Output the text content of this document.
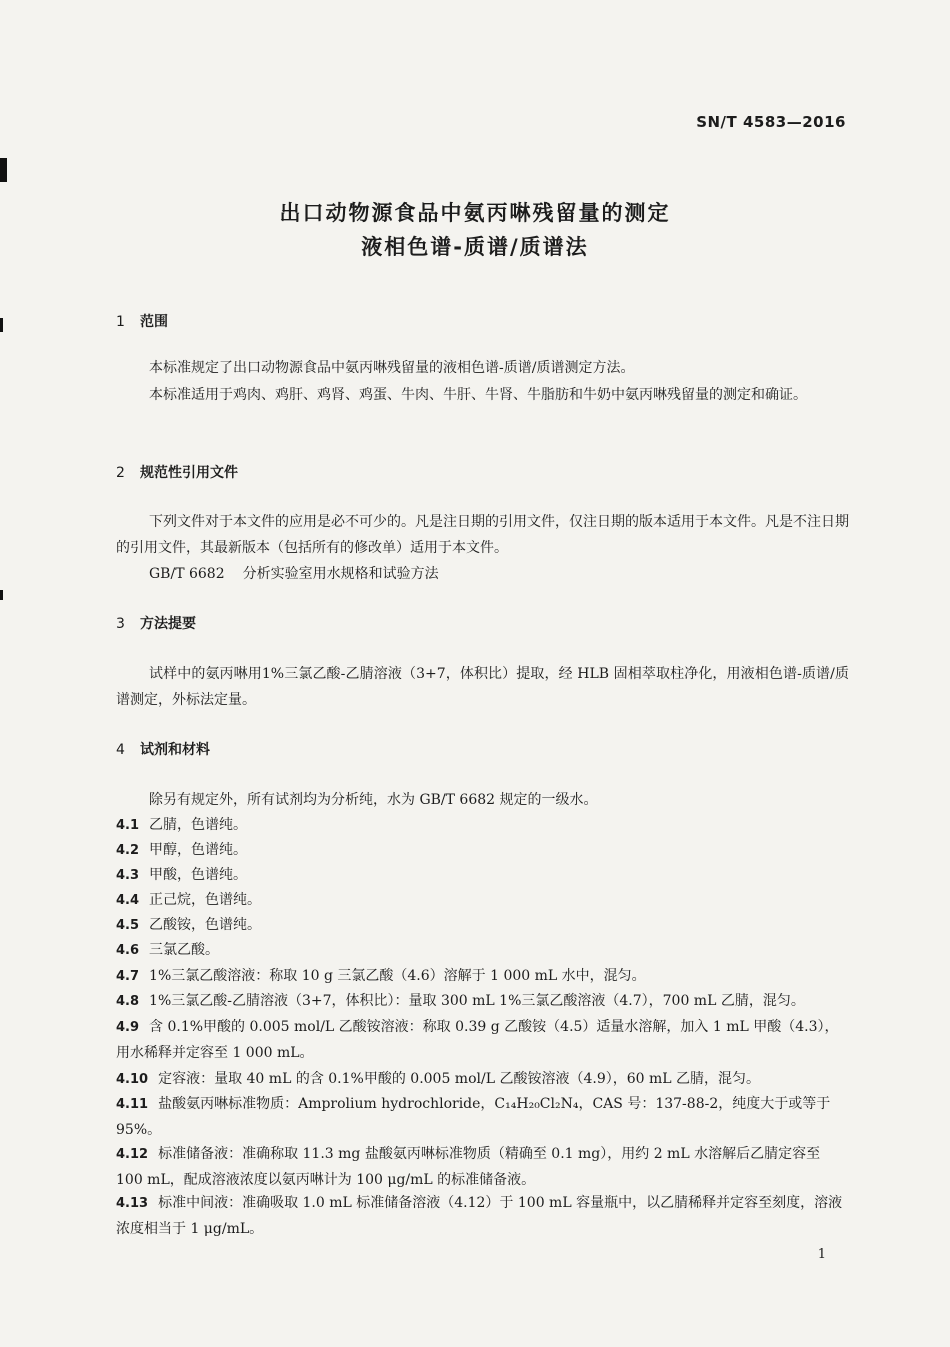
SN/T 4583—2016
出口动物源食品中氨丙啉残留量的测定
液相色谱-质谱/质谱法
1 范围
本标准规定了出口动物源食品中氨丙啉残留量的液相色谱-质谱/质谱测定方法。
本标准适用于鸡肉、鸡肝、鸡肾、鸡蛋、牛肉、牛肝、牛肾、牛脂肪和牛奶中氨丙啉残留量的测定和确证。
2 规范性引用文件
下列文件对于本文件的应用是必不可少的。凡是注日期的引用文件，仅注日期的版本适用于本文件。凡是不注日期的引用文件，其最新版本（包括所有的修改单）适用于本文件。
GB/T 6682 分析实验室用水规格和试验方法
3 方法提要
试样中的氨丙啉用1%三氯乙酸-乙腈溶液（3+7，体积比）提取，经 HLB 固相萃取柱净化，用液相色谱-质谱/质谱测定，外标法定量。
4 试剂和材料
除另有规定外，所有试剂均为分析纯，水为 GB/T 6682 规定的一级水。
4.1 乙腈，色谱纯。
4.2 甲醇，色谱纯。
4.3 甲酸，色谱纯。
4.4 正己烷，色谱纯。
4.5 乙酸铵，色谱纯。
4.6 三氯乙酸。
4.7 1%三氯乙酸溶液：称取 10 g 三氯乙酸（4.6）溶解于 1 000 mL 水中，混匀。
4.8 1%三氯乙酸-乙腈溶液（3+7，体积比）：量取 300 mL 1%三氯乙酸溶液（4.7），700 mL 乙腈，混匀。
4.9 含 0.1%甲酸的 0.005 mol/L 乙酸铵溶液：称取 0.39 g 乙酸铵（4.5）适量水溶解，加入 1 mL 甲酸（4.3），用水稀释并定容至 1 000 mL。
4.10 定容液：量取 40 mL 的含 0.1%甲酸的 0.005 mol/L 乙酸铵溶液（4.9），60 mL 乙腈，混匀。
4.11 盐酸氨丙啉标准物质：Amprolium hydrochloride，C₁₄H₂₀Cl₂N₄，CAS 号：137-88-2，纯度大于或等于 95%。
4.12 标准储备液：准确称取 11.3 mg 盐酸氨丙啉标准物质（精确至 0.1 mg），用约 2 mL 水溶解后乙腈定容至 100 mL，配成溶液浓度以氨丙啉计为 100 μg/mL 的标准储备液。
4.13 标准中间液：准确吸取 1.0 mL 标准储备溶液（4.12）于 100 mL 容量瓶中，以乙腈稀释并定容至刻度，溶液浓度相当于 1 μg/mL。
1
